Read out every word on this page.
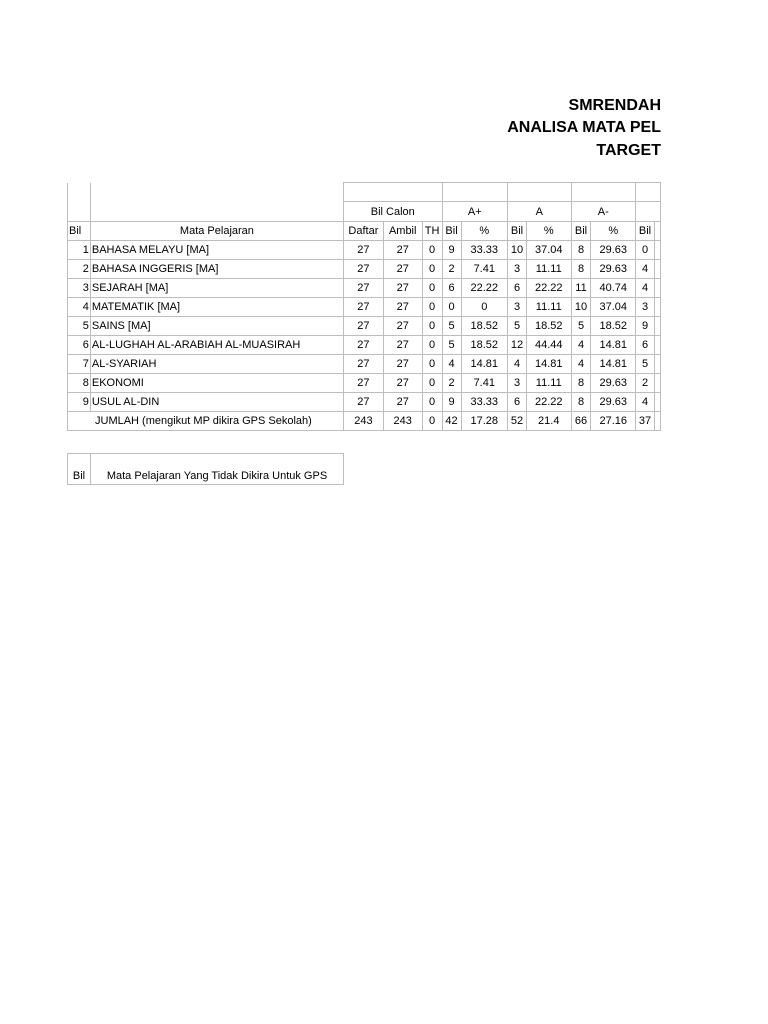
SMRENDAH
ANALISA MATA PEL
TARGET

		Bil Calon			A+		A		A-			
Bil	Mata Pelajaran	Daftar	Ambil	TH	Bil	%	Bil	%	Bil	%	Bil	
1	BAHASA MELAYU [MA]	27	27	0	9	33.33	10	37.04	8	29.63	0	
2	BAHASA INGGERIS [MA]	27	27	0	2	7.41	3	11.11	8	29.63	4	
3	SEJARAH [MA]	27	27	0	6	22.22	6	22.22	11	40.74	4	
4	MATEMATIK [MA]	27	27	0	0	0	3	11.11	10	37.04	3	
5	SAINS [MA]	27	27	0	5	18.52	5	18.52	5	18.52	9	
6	AL-LUGHAH AL-ARABIAH AL-MUASIRAH	27	27	0	5	18.52	12	44.44	4	14.81	6	
7	AL-SYARIAH	27	27	0	4	14.81	4	14.81	4	14.81	5	
8	EKONOMI	27	27	0	2	7.41	3	11.11	8	29.63	2	
9	USUL AL-DIN	27	27	0	9	33.33	6	22.22	8	29.63	4	
JUMLAH (mengikut MP dikira GPS Sekolah)		243	243	0	42	17.28	52	21.4	66	27.16	37	

Bil	Mata Pelajaran Yang Tidak Dikira Untuk GPS
